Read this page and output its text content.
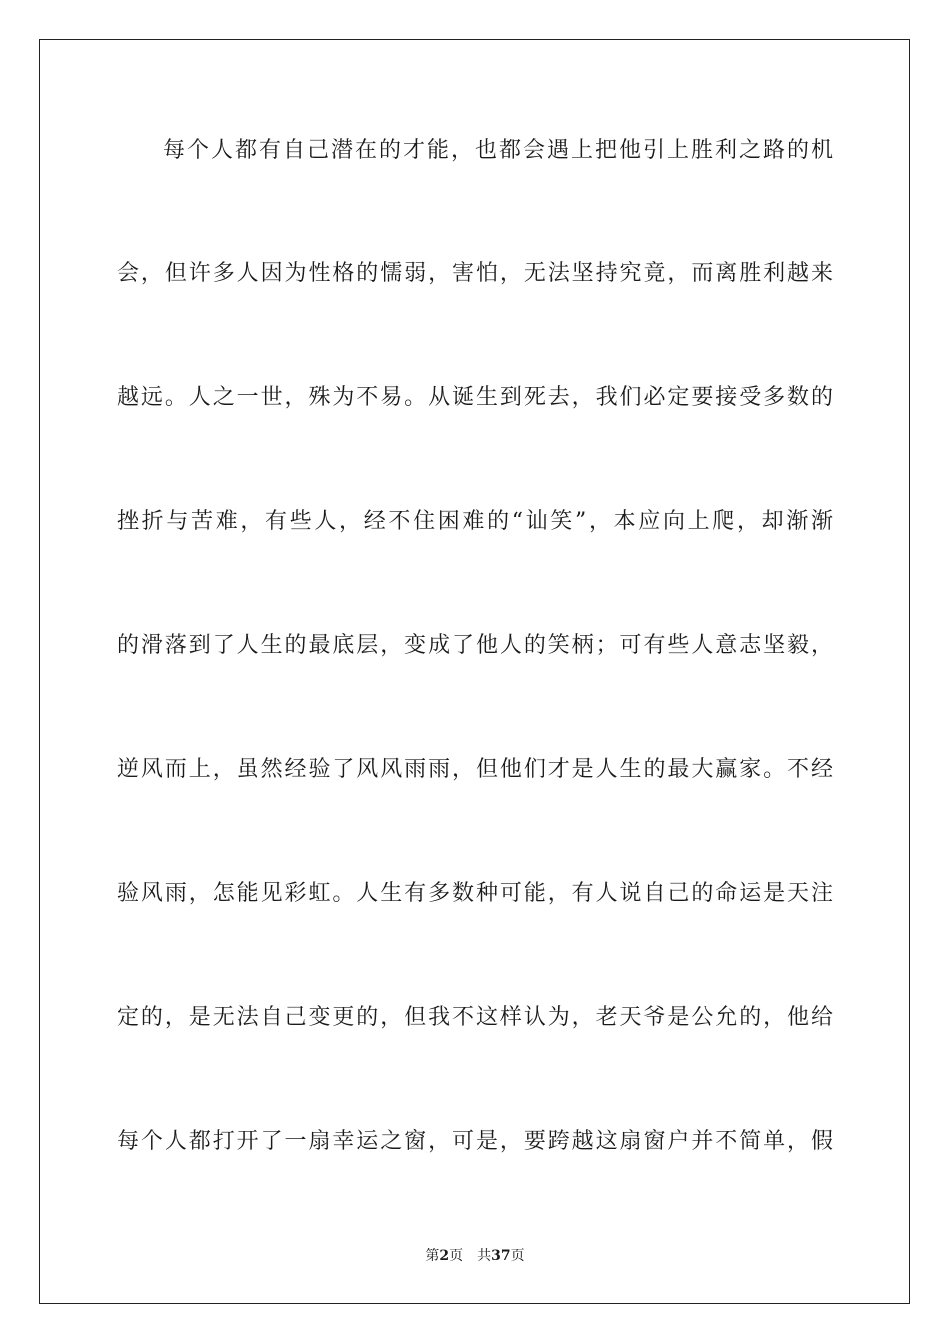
每个人都有自己潜在的才能，也都会遇上把他引上胜利之路的机
会，但许多人因为性格的懦弱，害怕，无法坚持究竟，而离胜利越来
越远。人之一世，殊为不易。从诞生到死去，我们必定要接受多数的
挫折与苦难，有些人，经不住困难的“讪笑”，本应向上爬，却渐渐
的滑落到了人生的最底层，变成了他人的笑柄；可有些人意志坚毅，
逆风而上，虽然经验了风风雨雨，但他们才是人生的最大赢家。不经
验风雨，怎能见彩虹。人生有多数种可能，有人说自己的命运是天注
定的，是无法自己变更的，但我不这样认为，老天爷是公允的，他给
每个人都打开了一扇幸运之窗，可是，要跨越这扇窗户并不简单，假
第2页 共37页
